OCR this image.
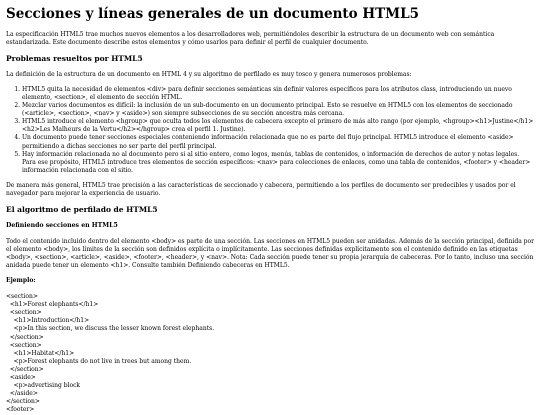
Secciones y líneas generales de un documento HTML5

La especificación HTML5 trae muchos nuevos elementos a los desarrolladores web, permitiéndoles describir la estructura de un documento web con semántica estandarizada. Este documento describe estos elementos y cómo usarlos para definir el perfil de cualquier documento.

Problemas resueltos por HTML5

La definición de la estructura de un documento en HTML 4 y su algoritmo de perfilado es muy tosco y genera numerosos problemas:

1. HTML5 quita la necesidad de elementos <div> para definir secciones semánticas sin definir valores específicos para los atributos class, introduciendo un nuevo elemento, <section>, el elemento de sección HTML.
2. Mezclar varios documentos es difícil: la inclusión de un sub-documento en un documento principal. Esto se resuelve en HTML5 con los elementos de seccionado (<article>, <section>, <nav> y <aside>) son siempre subsecciones de su sección ancestra más cercana.
3. HTML5 introduce el elemento <hgroup> que oculta todos los elementos de cabecera excepto el primero de más alto rango (por ejemplo, <hgroup><h1>Justine</h1><h2>Les Malheurs de la Vertu</h2></hgroup> crea el perfil 1. Justine).
4. Un documento puede tener secciones especiales conteniendo información relacionada que no es parte del flujo principal. HTML5 introduce el elemento <aside> permitiendo a dichas secciones no ser parte del perfil principal.
5. Hay información relacionada no al documento pero si al sitio entero, como logos, menús, tablas de contenidos, o información de derechos de autor y notas legales. Para ese propósito, HTML5 introduce tres elementos de sección específicos: <nav> para colecciones de enlaces, como una tabla de contenidos, <footer> y <header> información relacionada con el sitio.

De manera más general, HTML5 trae precisión a las características de seccionado y cabecera, permitiendo a los perfiles de documento ser predecibles y usados por el navegador para mejorar la experiencia de usuario.

El algoritmo de perfilado de HTML5
Definiendo secciones en HTML5

Todo el contenido incluido dentro del elemento <body> es parte de una sección. Las secciones en HTML5 pueden ser anidadas. Además de la sección principal, definida por el elemento <body>, los límites de la sección son definidos explícita o implícitamente. Las secciones definidas explícitamente son el contenido definido en las etiquetas <body>, <section>, <article>, <aside>, <footer>, <header>, y <nav>. Nota: Cada sección puede tener su propia jerarquía de cabeceras. Por lo tanto, incluso una sección anidada puede tener un elemento <h1>. Consulte también Definiendo cabeceras en HTML5.

Ejemplo:
<section>
<h1>Forest elephants</h1>
<section>
<h1>Introduction</h1>
<p>In this section, we discuss the lesser known forest elephants.
</section>
<section>
<h1>Habitat</h1>
<p>Forest elephants do not live in trees but among them.
</section>
<aside>
<p>advertising block
</aside>
</section>
<footer>
